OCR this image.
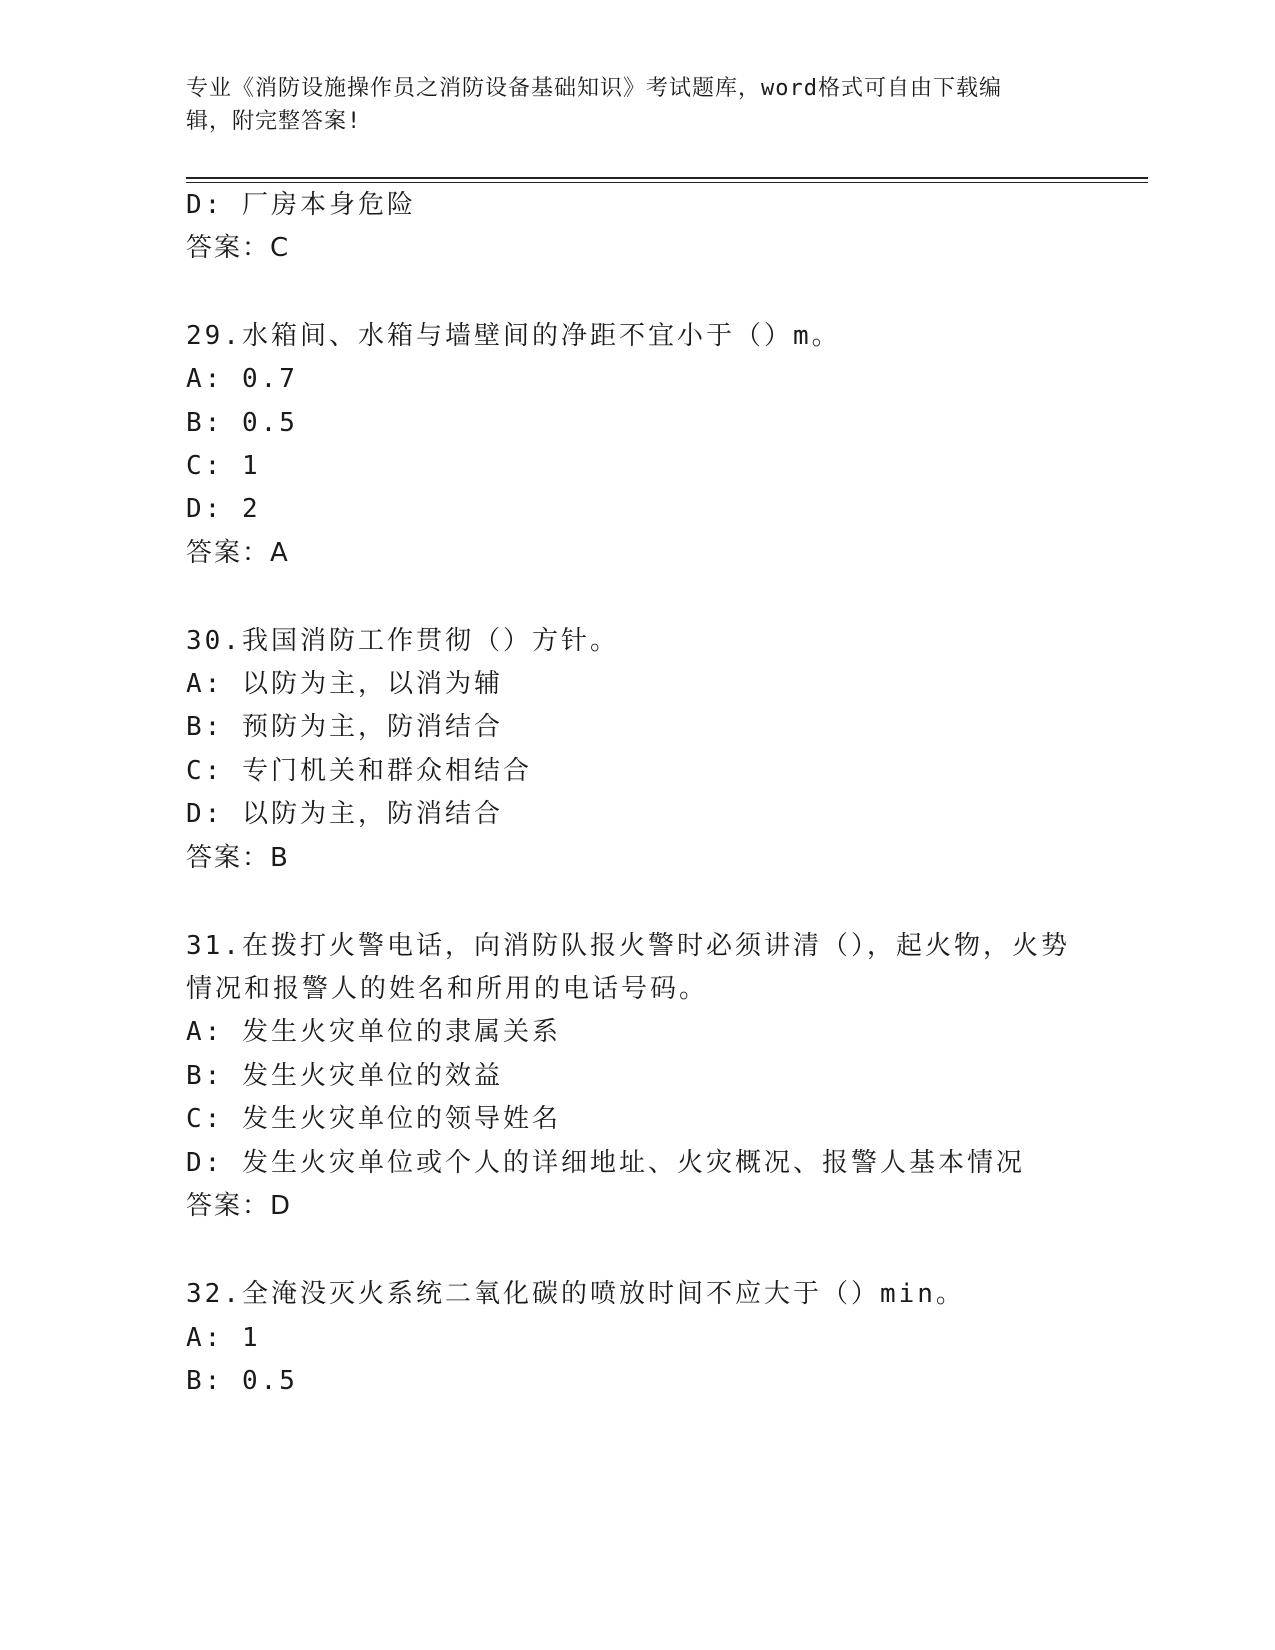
专业《消防设施操作员之消防设备基础知识》考试题库，word格式可自由下载编
辑，附完整答案!
D: 厂房本身危险
答案：C
29.水箱间、水箱与墙壁间的净距不宜小于（）m。
A: 0.7
B: 0.5
C: 1
D: 2
答案：A
30.我国消防工作贯彻（）方针。
A: 以防为主，以消为辅
B: 预防为主，防消结合
C: 专门机关和群众相结合
D: 以防为主，防消结合
答案：B
31.在拨打火警电话，向消防队报火警时必须讲清（），起火物，火势
情况和报警人的姓名和所用的电话号码。
A: 发生火灾单位的隶属关系
B: 发生火灾单位的效益
C: 发生火灾单位的领导姓名
D: 发生火灾单位或个人的详细地址、火灾概况、报警人基本情况
答案：D
32.全淹没灭火系统二氧化碳的喷放时间不应大于（）min。
A: 1
B: 0.5
